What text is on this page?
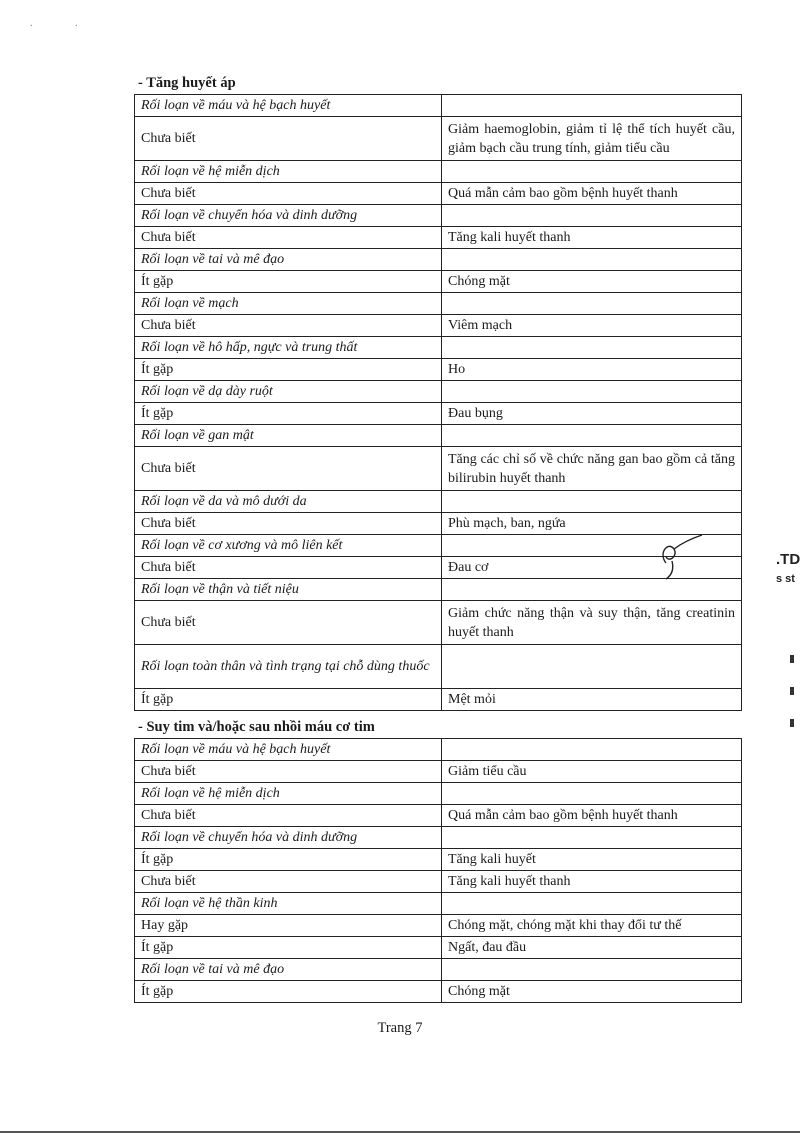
. .
- Tăng huyết áp
Rối loạn về máu và hệ bạch huyết	
Chưa biết	Giảm haemoglobin, giảm tỉ lệ thể tích huyết cầu, giảm bạch cầu trung tính, giảm tiểu cầu
Rối loạn về hệ miễn dịch	
Chưa biết	Quá mẫn cảm bao gồm bệnh huyết thanh
Rối loạn về chuyển hóa và dinh dưỡng	
Chưa biết	Tăng kali huyết thanh
Rối loạn về tai và mê đạo	
Ít gặp	Chóng mặt
Rối loạn về mạch	
Chưa biết	Viêm mạch
Rối loạn về hô hấp, ngực và trung thất	
Ít gặp	Ho
Rối loạn về dạ dày ruột	
Ít gặp	Đau bụng
Rối loạn về gan mật	
Chưa biết	Tăng các chỉ số về chức năng gan bao gồm cả tăng bilirubin huyết thanh
Rối loạn về da và mô dưới da	
Chưa biết	Phù mạch, ban, ngứa
Rối loạn về cơ xương và mô liên kết	
Chưa biết	Đau cơ
Rối loạn về thận và tiết niệu	
Chưa biết	Giảm chức năng thận và suy thận, tăng creatinin huyết thanh
Rối loạn toàn thân và tình trạng tại chỗ dùng thuốc	
Ít gặp	Mệt mỏi
- Suy tim và/hoặc sau nhồi máu cơ tim
Rối loạn về máu và hệ bạch huyết	
Chưa biết	Giảm tiểu cầu
Rối loạn về hệ miễn dịch	
Chưa biết	Quá mẫn cảm bao gồm bệnh huyết thanh
Rối loạn về chuyển hóa và dinh dưỡng	
Ít gặp	Tăng kali huyết
Chưa biết	Tăng kali huyết thanh
Rối loạn về hệ thần kinh	
Hay gặp	Chóng mặt, chóng mặt khi thay đổi tư thế
Ít gặp	Ngất, đau đầu
Rối loạn về tai và mê đạo	
Ít gặp	Chóng mặt
.TD
s st
Trang 7
